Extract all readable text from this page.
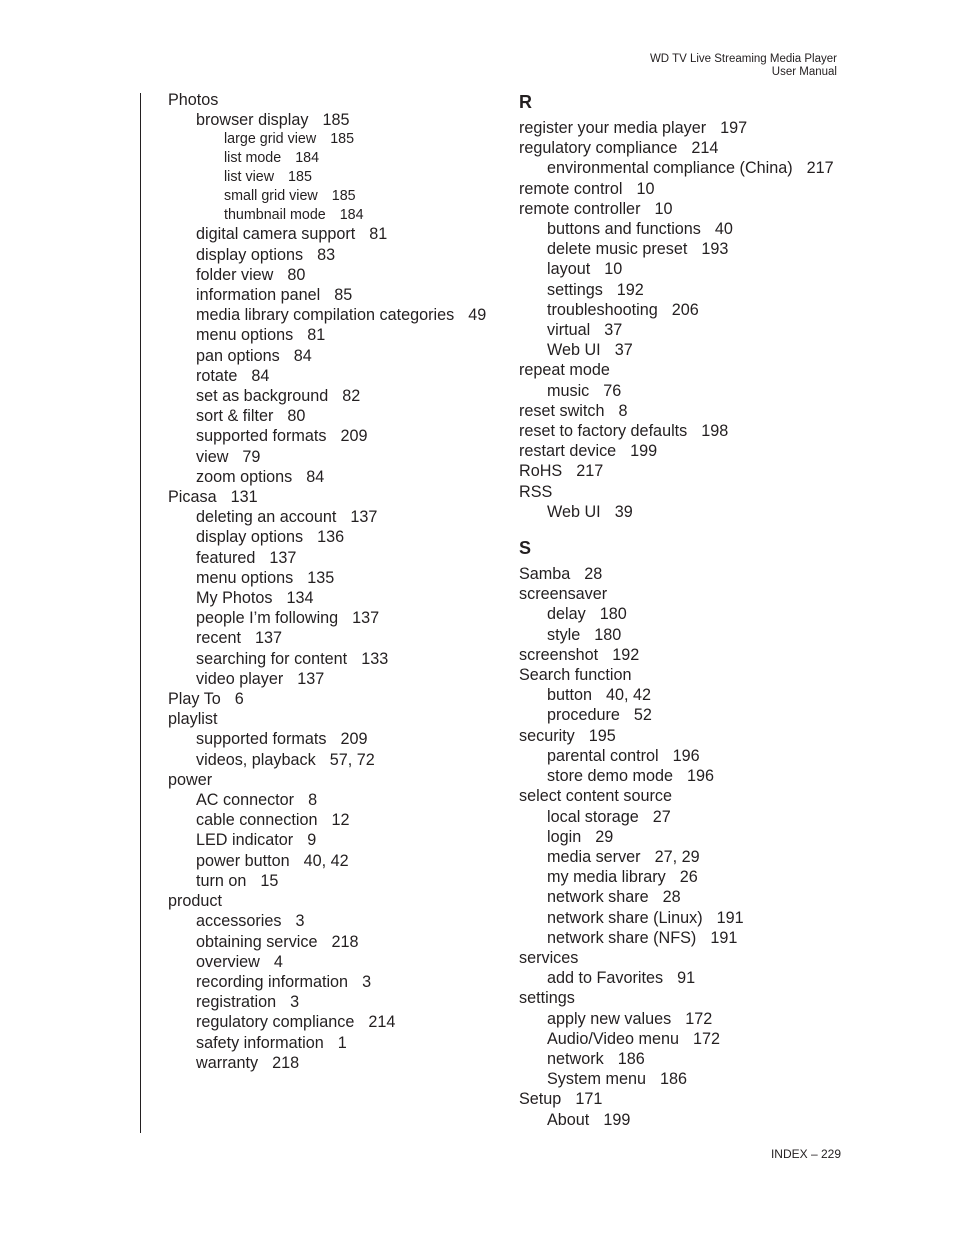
WD TV Live Streaming Media Player
User Manual
Photos
browser display 185
large grid view 185
list mode 184
list view 185
small grid view 185
thumbnail mode 184
digital camera support 81
display options 83
folder view 80
information panel 85
media library compilation categories 49
menu options 81
pan options 84
rotate 84
set as background 82
sort & filter 80
supported formats 209
view 79
zoom options 84
Picasa 131
deleting an account 137
display options 136
featured 137
menu options 135
My Photos 134
people I’m following 137
recent 137
searching for content 133
video player 137
Play To 6
playlist
supported formats 209
videos, playback 57, 72
power
AC connector 8
cable connection 12
LED indicator 9
power button 40, 42
turn on 15
product
accessories 3
obtaining service 218
overview 4
recording information 3
registration 3
regulatory compliance 214
safety information 1
warranty 218
R
register your media player 197
regulatory compliance 214
environmental compliance (China) 217
remote control 10
remote controller 10
buttons and functions 40
delete music preset 193
layout 10
settings 192
troubleshooting 206
virtual 37
Web UI 37
repeat mode
music 76
reset switch 8
reset to factory defaults 198
restart device 199
RoHS 217
RSS
Web UI 39
S
Samba 28
screensaver
delay 180
style 180
screenshot 192
Search function
button 40, 42
procedure 52
security 195
parental control 196
store demo mode 196
select content source
local storage 27
login 29
media server 27, 29
my media library 26
network share 28
network share (Linux) 191
network share (NFS) 191
services
add to Favorites 91
settings
apply new values 172
Audio/Video menu 172
network 186
System menu 186
Setup 171
About 199
INDEX – 229
